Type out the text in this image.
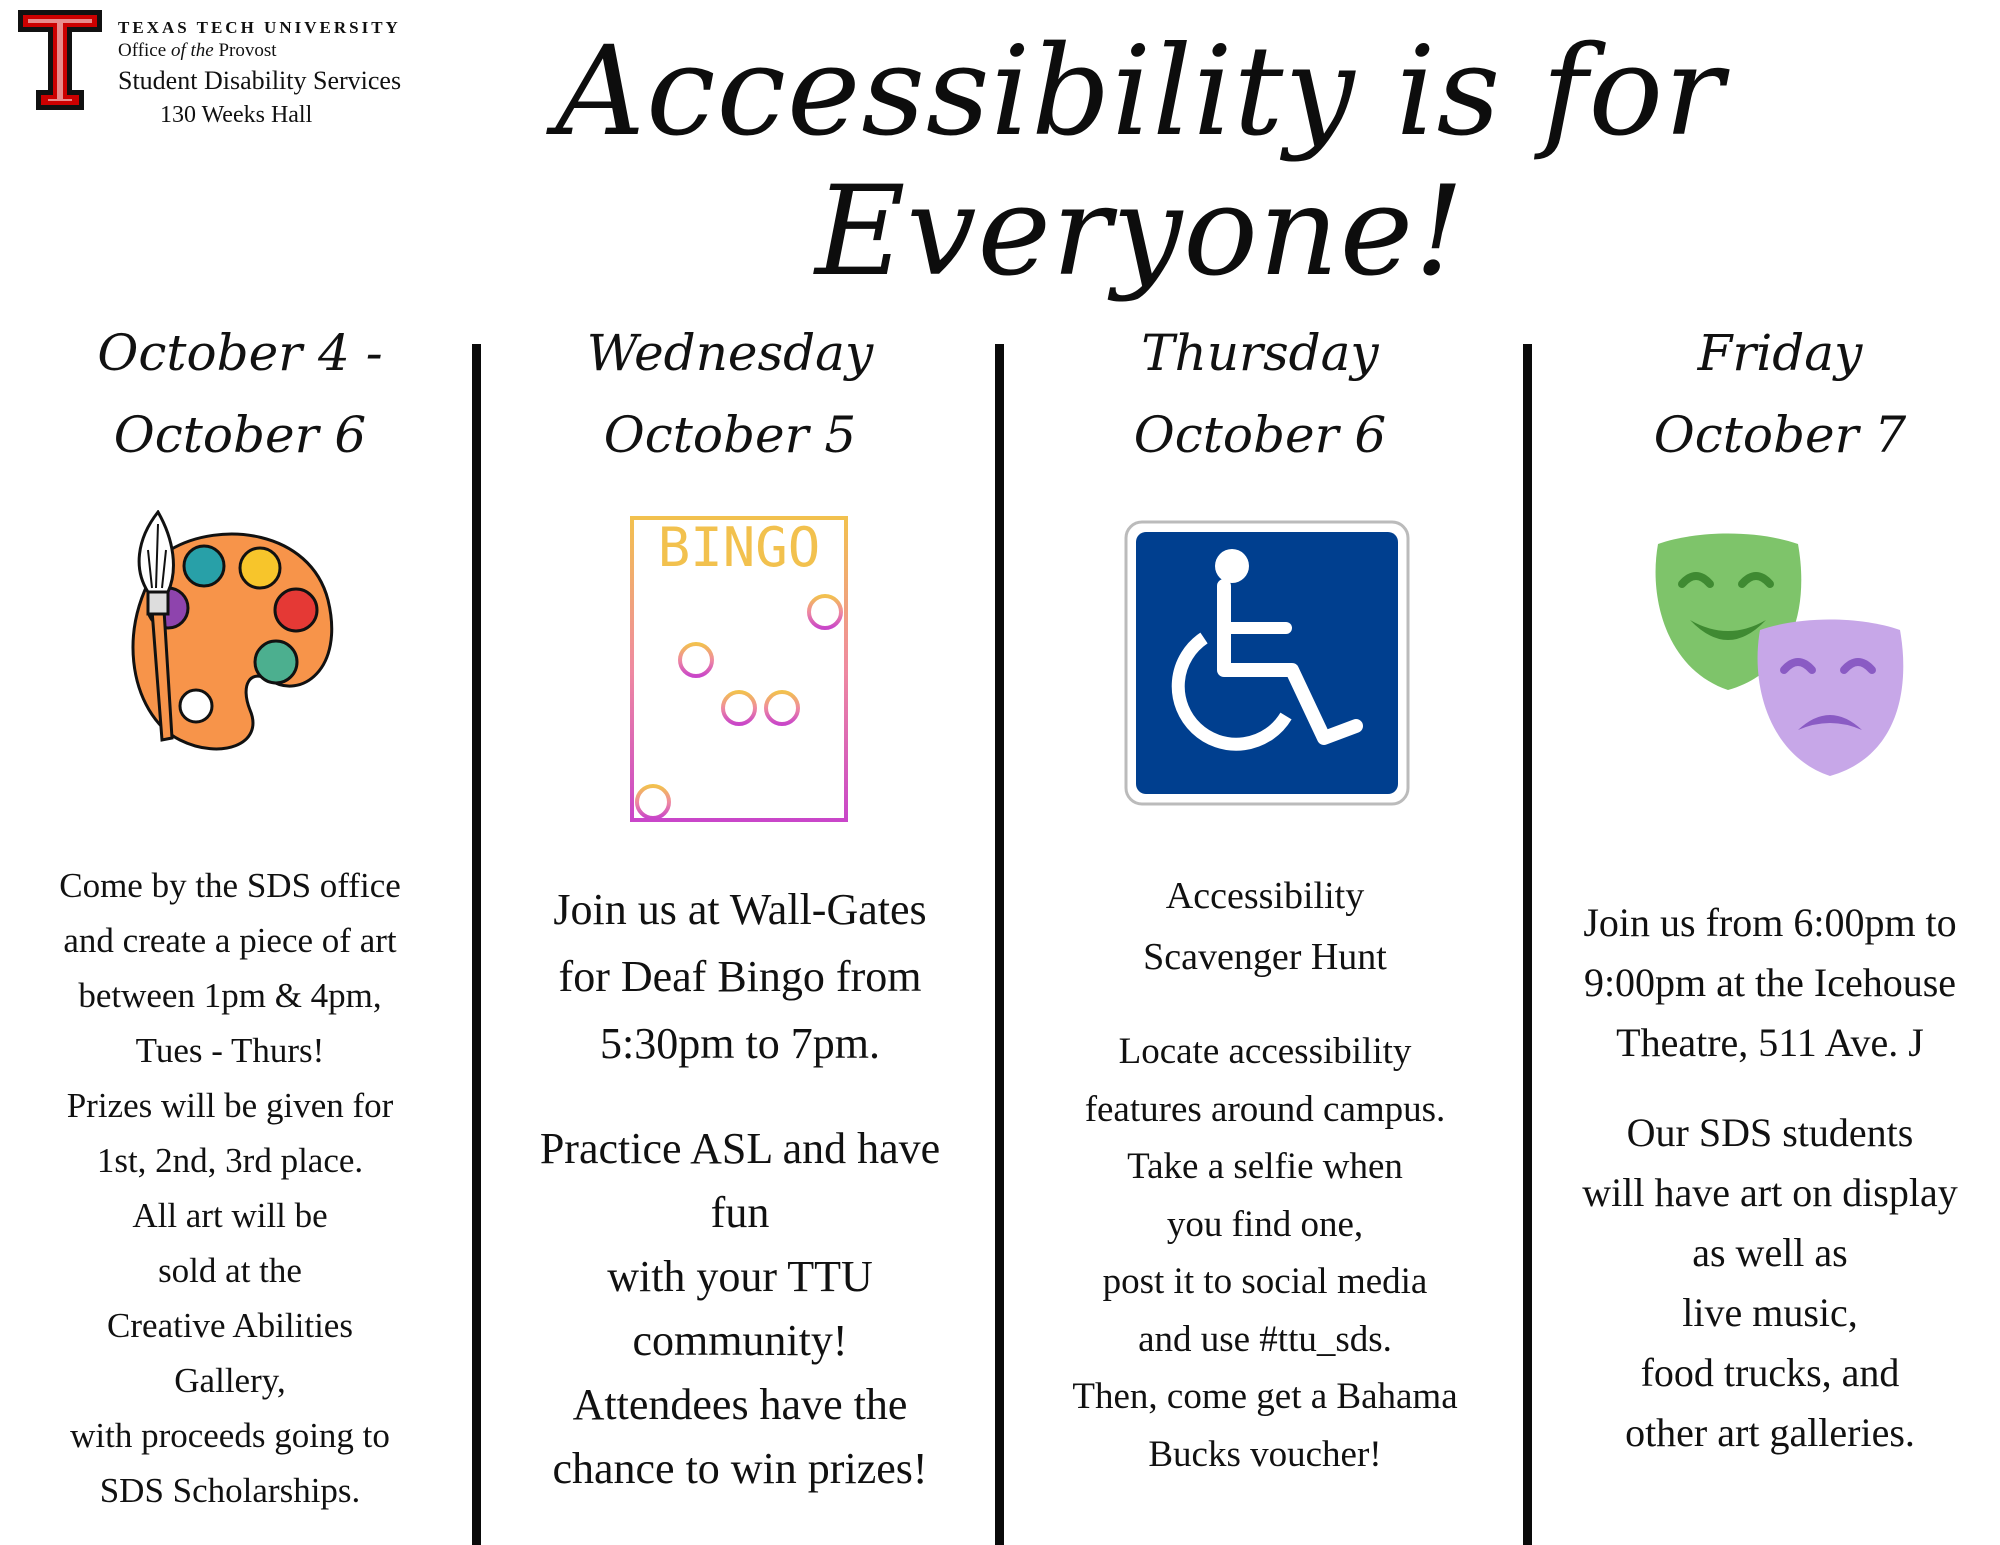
TEXAS TECH UNIVERSITY
Office of the Provost
Student Disability Services
130 Weeks Hall	Accessibility is for
Everyone!
October 4 -
October 6
Come by the SDS office
and create a piece of art
between 1pm & 4pm,
Tues - Thurs!
Prizes will be given for
1st, 2nd, 3rd place.
All art will be
sold at the
Creative Abilities
Gallery,
with proceeds going to
SDS Scholarships.
Wednesday
October 5
BINGO
Join us at Wall-Gates
for Deaf Bingo from
5:30pm to 7pm.
Practice ASL and have
fun
with your TTU
community!
Attendees have the
chance to win prizes!
Thursday
October 6
Accessibility
Scavenger Hunt
Locate accessibility
features around campus.
Take a selfie when
you find one,
post it to social media
and use #ttu_sds.
Then, come get a Bahama
Bucks voucher!
Friday
October 7
Join us from 6:00pm to
9:00pm at the Icehouse
Theatre, 511 Ave. J
Our SDS students
will have art on display
as well as
live music,
food trucks, and
other art galleries.
